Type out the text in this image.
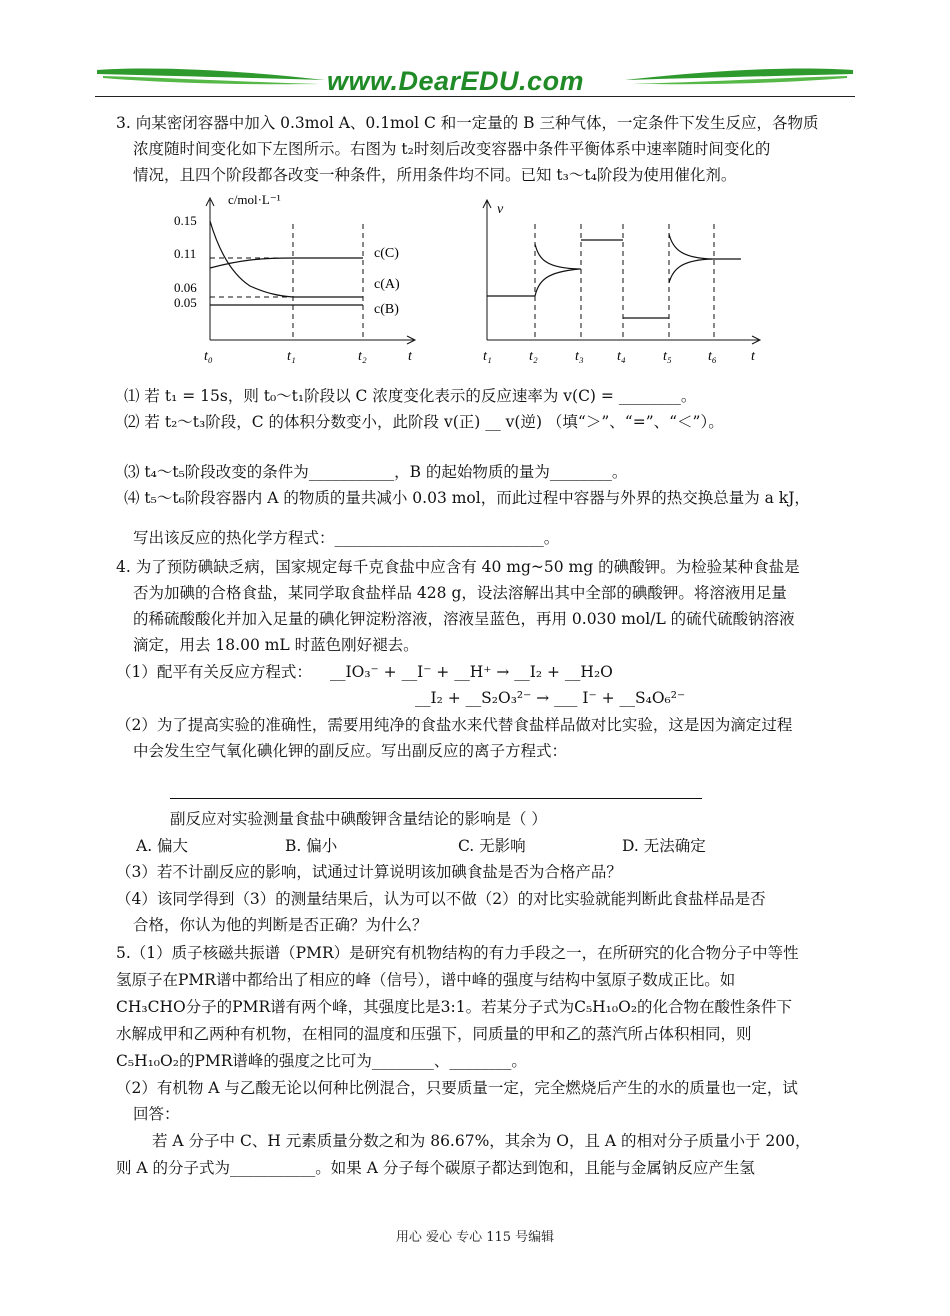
www.DearEDU.com
3. 向某密闭容器中加入 0.3mol A、0.1mol C 和一定量的 B 三种气体，一定条件下发生反应，各物质
浓度随时间变化如下左图所示。右图为 t₂时刻后改变容器中条件平衡体系中速率随时间变化的
情况，且四个阶段都各改变一种条件，所用条件均不同。已知 t₃～t₄阶段为使用催化剂。
c/mol·L⁻¹
0.15
0.11
0.06
0.05
c(C)
c(A)
c(B)
t₀	t₁	t₂	t
v
t₁	t₂	t₃ t₄	t₅	t₆ t
⑴ 若 t₁ = 15s，则 t₀～t₁阶段以 C 浓度变化表示的反应速率为 v(C) = ________。
⑵ 若 t₂～t₃阶段，C 的体积分数变小，此阶段 v(正) __ v(逆) （填“＞”、“=”、“＜”）。
⑶ t₄～t₅阶段改变的条件为___________，B 的起始物质的量为________。
⑷ t₅～t₆阶段容器内 A 的物质的量共减小 0.03 mol，而此过程中容器与外界的热交换总量为 a kJ，
写出该反应的热化学方程式：___________________________。
4. 为了预防碘缺乏病，国家规定每千克食盐中应含有 40 mg~50 mg 的碘酸钾。为检验某种食盐是
否为加碘的合格食盐，某同学取食盐样品 428 g，设法溶解出其中全部的碘酸钾。将溶液用足量
的稀硫酸酸化并加入足量的碘化钾淀粉溶液，溶液呈蓝色，再用 0.030 mol/L 的硫代硫酸钠溶液
滴定，用去 18.00 mL 时蓝色刚好褪去。
（1）配平有关反应方程式： __IO₃⁻ + __I⁻ + __H⁺ → __I₂ + __H₂O
__I₂ + __S₂O₃²⁻ → ___ I⁻ + __S₄O₆²⁻
（2）为了提高实验的准确性，需要用纯净的食盐水来代替食盐样品做对比实验，这是因为滴定过程
中会发生空气氧化碘化钾的副反应。写出副反应的离子方程式：
副反应对实验测量食盐中碘酸钾含量结论的影响是（ ）
A. 偏大	B. 偏小	C. 无影响	D. 无法确定
（3）若不计副反应的影响，试通过计算说明该加碘食盐是否为合格产品？
（4）该同学得到（3）的测量结果后，认为可以不做（2）的对比实验就能判断此食盐样品是否
合格，你认为他的判断是否正确？为什么？
5.（1）质子核磁共振谱（PMR）是研究有机物结构的有力手段之一，在所研究的化合物分子中等性
氢原子在PMR谱中都给出了相应的峰（信号），谱中峰的强度与结构中氢原子数成正比。如
CH₃CHO分子的PMR谱有两个峰，其强度比是3:1。若某分子式为C₅H₁₀O₂的化合物在酸性条件下
水解成甲和乙两种有机物，在相同的温度和压强下，同质量的甲和乙的蒸汽所占体积相同，则
C₅H₁₀O₂的PMR谱峰的强度之比可为________、________。
（2）有机物 A 与乙酸无论以何种比例混合，只要质量一定，完全燃烧后产生的水的质量也一定，试
回答：
若 A 分子中 C、H 元素质量分数之和为 86.67%，其余为 O，且 A 的相对分子质量小于 200，
则 A 的分子式为___________。如果 A 分子每个碳原子都达到饱和，且能与金属钠反应产生氢
用心 爱心 专心 115 号编辑
